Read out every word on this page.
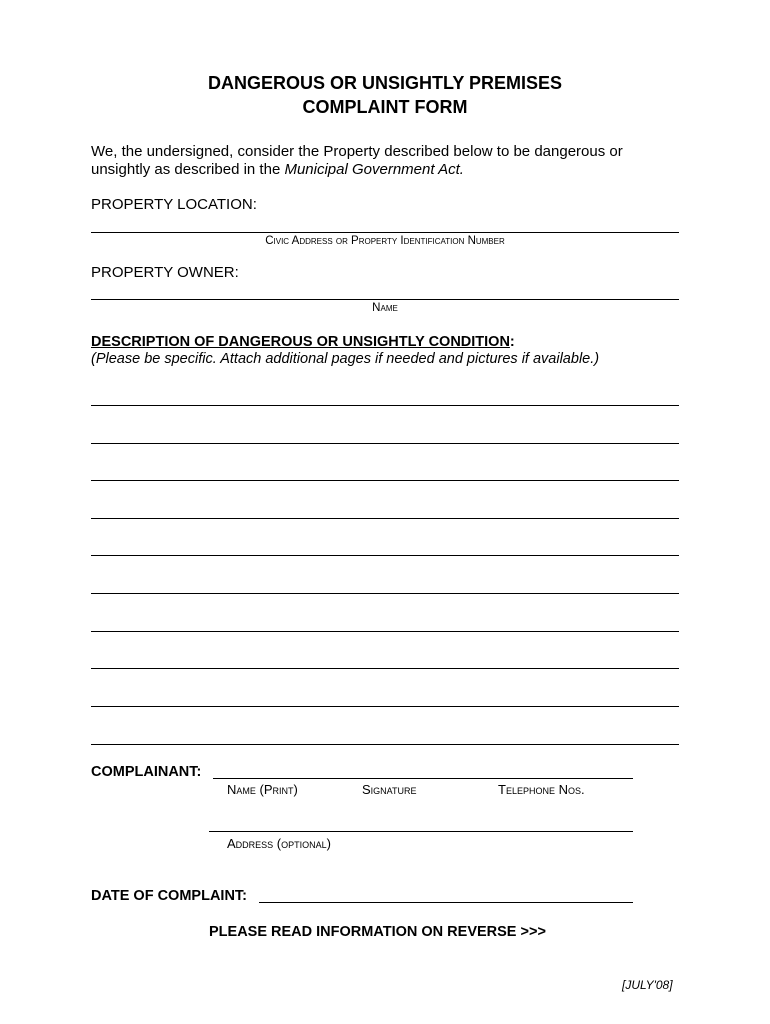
DANGEROUS OR UNSIGHTLY PREMISES
COMPLAINT FORM
We, the undersigned, consider the Property described below to be dangerous or
unsightly as described in the Municipal Government Act.
PROPERTY LOCATION:
Civic Address or Property Identification Number
PROPERTY OWNER:
Name
DESCRIPTION OF DANGEROUS OR UNSIGHTLY CONDITION:
(Please be specific. Attach additional pages if needed and pictures if available.)
COMPLAINANT:
Name (Print)	Signature	Telephone Nos.
Address (optional)
DATE OF COMPLAINT:
PLEASE READ INFORMATION ON REVERSE >>>
[JULY'08]
